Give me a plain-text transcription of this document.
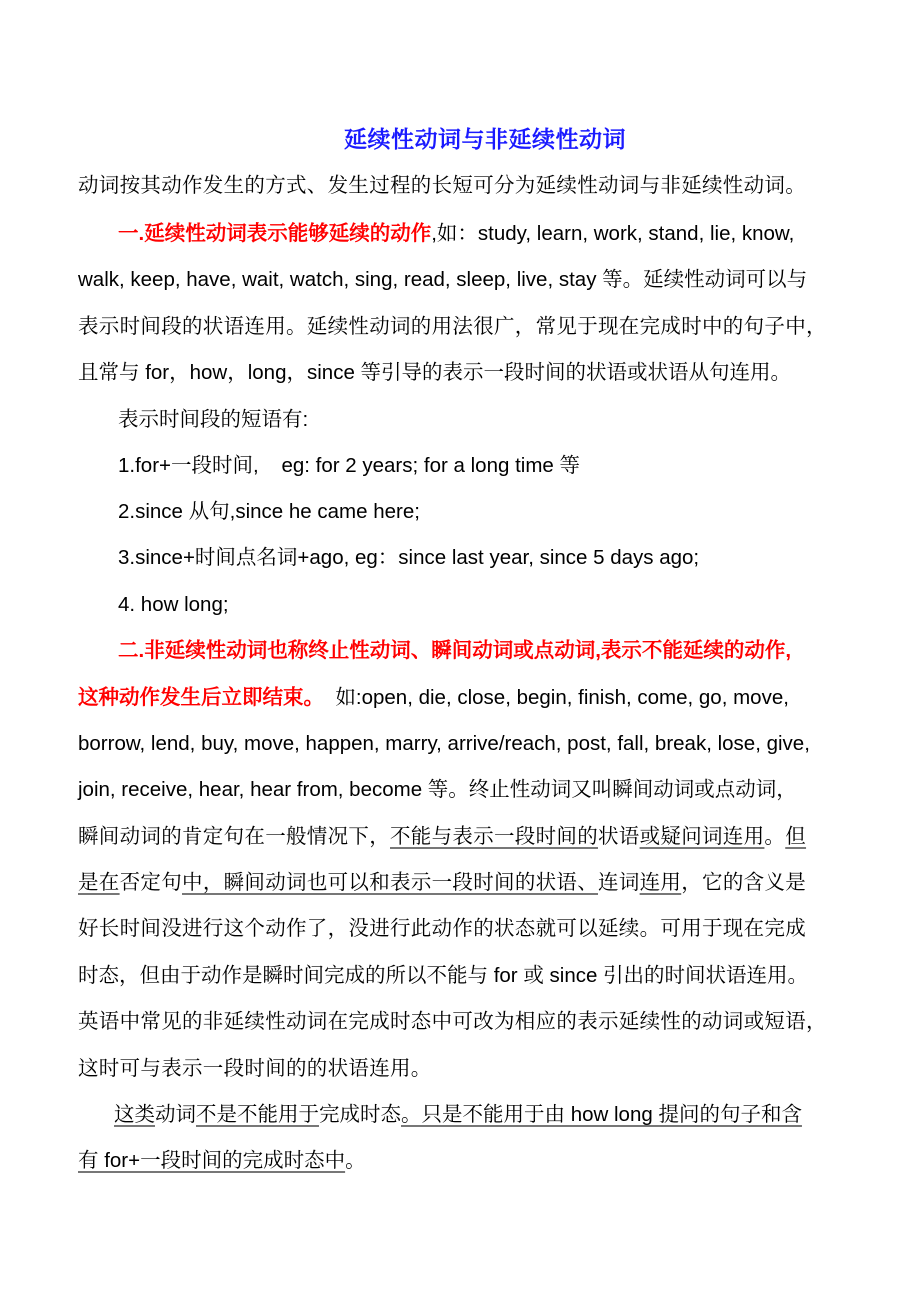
延续性动词与非延续性动词
动词按其动作发生的方式、发生过程的长短可分为延续性动词与非延续性动词。
一.延续性动词表示能够延续的动作,如：study, learn, work, stand, lie, know,
walk, keep, have, wait, watch, sing, read, sleep, live, stay 等。延续性动词可以与
表示时间段的状语连用。延续性动词的用法很广，常见于现在完成时中的句子中，
且常与 for，how，long，since 等引导的表示一段时间的状语或状语从句连用。
表示时间段的短语有:
1.for+一段时间,    eg: for 2 years; for a long time 等
2.since 从句,since he came here;
3.since+时间点名词+ago, eg：since last year, since 5 days ago;
4. how long;
二.非延续性动词也称终止性动词、瞬间动词或点动词,表示不能延续的动作,
这种动作发生后立即结束。 如:open, die, close, begin, finish, come, go, move,
borrow, lend, buy, move, happen, marry, arrive/reach, post, fall, break, lose, give,
join, receive, hear, hear from, become 等。终止性动词又叫瞬间动词或点动词，
瞬间动词的肯定句在一般情况下，不能与表示一段时间的状语或疑问词连用。但
是在否定句中，瞬间动词也可以和表示一段时间的状语、连词连用，它的含义是
好长时间没进行这个动作了，没进行此动作的状态就可以延续。可用于现在完成
时态，但由于动作是瞬时间完成的所以不能与 for 或 since 引出的时间状语连用。
英语中常见的非延续性动词在完成时态中可改为相应的表示延续性的动词或短语，
这时可与表示一段时间的的状语连用。
这类动词不是不能用于完成时态。只是不能用于由 how long 提问的句子和含
有 for+一段时间的完成时态中。
